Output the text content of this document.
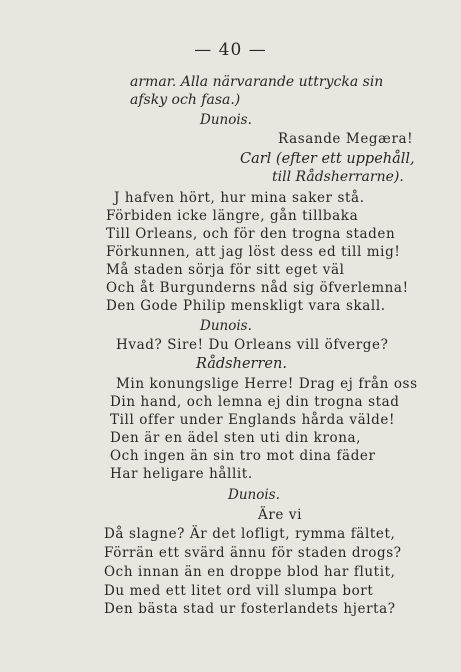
— 40 —
armar. Alla närvarande uttrycka sin
afsky och fasa.)
Dunois.
Rasande Megæra!
Carl (efter ett uppehåll,
till Rådsherrarne).
J hafven hört, hur mina saker stå.
Förbiden icke längre, gån tillbaka
Till Orleans, och för den trogna staden
Förkunnen, att jag löst dess ed till mig!
Må staden sörja för sitt eget väl
Och åt Burgunderns nåd sig öfverlemna!
Den Gode Philip menskligt vara skall.
Dunois.
Hvad? Sire! Du Orleans vill öfverge?
Rådsherren.
Min konungslige Herre! Drag ej från oss
Din hand, och lemna ej din trogna stad
Till offer under Englands hårda välde!
Den är en ädel sten uti din krona,
Och ingen än sin tro mot dina fäder
Har heligare hållit.
Dunois.
Äre vi
Då slagne? Är det lofligt, rymma fältet,
Förrän ett svärd ännu för staden drogs?
Och innan än en droppe blod har flutit,
Du med ett litet ord vill slumpa bort
Den bästa stad ur fosterlandets hjerta?
